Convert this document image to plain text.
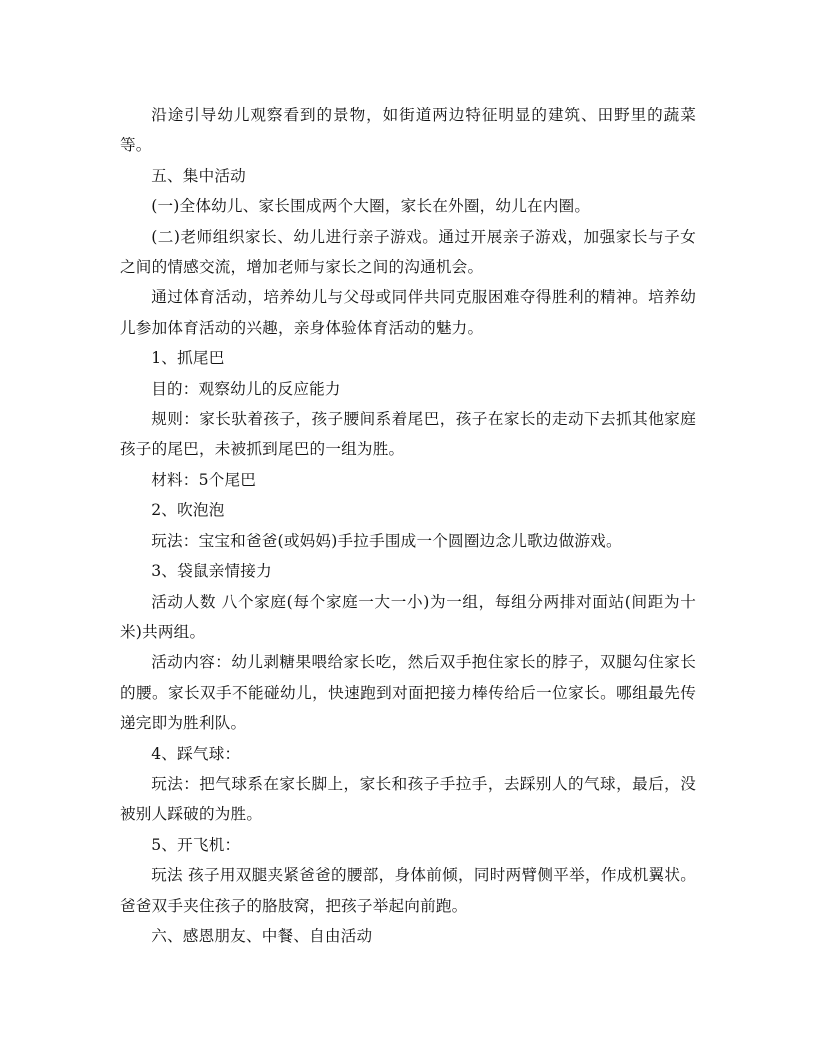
沿途引导幼儿观察看到的景物，如街道两边特征明显的建筑、田野里的蔬菜等。

五、集中活动

(一)全体幼儿、家长围成两个大圈，家长在外圈，幼儿在内圈。

(二)老师组织家长、幼儿进行亲子游戏。通过开展亲子游戏，加强家长与子女之间的情感交流，增加老师与家长之间的沟通机会。

通过体育活动，培养幼儿与父母或同伴共同克服困难夺得胜利的精神。培养幼儿参加体育活动的兴趣，亲身体验体育活动的魅力。

1、抓尾巴

目的：观察幼儿的反应能力

规则：家长驮着孩子，孩子腰间系着尾巴，孩子在家长的走动下去抓其他家庭孩子的尾巴，未被抓到尾巴的一组为胜。

材料：5个尾巴

2、吹泡泡

玩法：宝宝和爸爸(或妈妈)手拉手围成一个圆圈边念儿歌边做游戏。

3、袋鼠亲情接力

活动人数 八个家庭(每个家庭一大一小)为一组，每组分两排对面站(间距为十米)共两组。

活动内容：幼儿剥糖果喂给家长吃，然后双手抱住家长的脖子，双腿勾住家长的腰。家长双手不能碰幼儿，快速跑到对面把接力棒传给后一位家长。哪组最先传递完即为胜利队。

4、踩气球：

玩法：把气球系在家长脚上，家长和孩子手拉手，去踩别人的气球，最后，没被别人踩破的为胜。

5、开飞机：

玩法 孩子用双腿夹紧爸爸的腰部，身体前倾，同时两臂侧平举，作成机翼状。爸爸双手夹住孩子的胳肢窝，把孩子举起向前跑。

六、感恩朋友、中餐、自由活动
